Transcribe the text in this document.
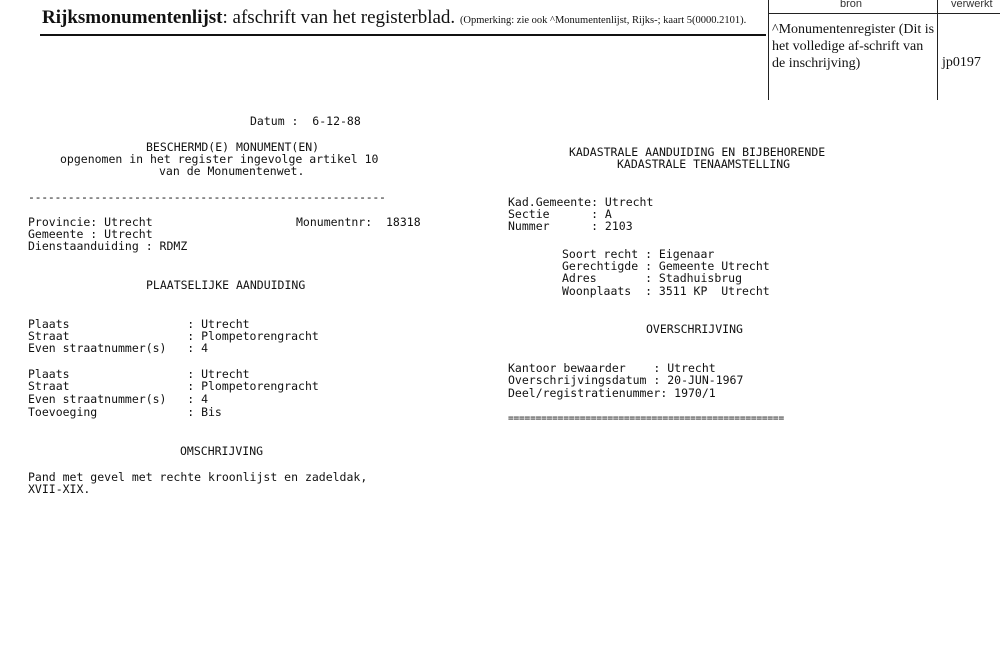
Rijksmonumentenlijst: afschrift van het registerblad. (Opmerking: zie ook ^Monumentenlijst, Rijks-; kaart 5(0000.2101).
bron	verwerkt
^Monumentenregister (Dit is het volledige af-schrift van de inschrijving)	jp0197
Datum :  6-12-88
BESCHERMD(E) MONUMENT(EN)
opgenomen in het register ingevolge artikel 10
van de Monumentenwet.
------------------------------------------------------
Provincie: Utrecht	Monumentnr:  18318
Gemeente : Utrecht
Dienstaanduiding : RDMZ
PLAATSELIJKE AANDUIDING
Plaats                 : Utrecht
Straat                 : Plompetorengracht
Even straatnummer(s)   : 4
Plaats                 : Utrecht
Straat                 : Plompetorengracht
Even straatnummer(s)   : 4
Toevoeging             : Bis
OMSCHRIJVING
Pand met gevel met rechte kroonlijst en zadeldak,
XVII-XIX.
KADASTRALE AANDUIDING EN BIJBEHORENDE
KADASTRALE TENAAMSTELLING
Kad.Gemeente: Utrecht
Sectie      : A
Nummer      : 2103
Soort recht : Eigenaar
Gerechtigde : Gemeente Utrecht
Adres       : Stadhuisbrug
Woonplaats  : 3511 KP  Utrecht
OVERSCHRIJVING
Kantoor bewaarder    : Utrecht
Overschrijvingsdatum : 20-JUN-1967
Deel/registratienummer: 1970/1
==================================================
